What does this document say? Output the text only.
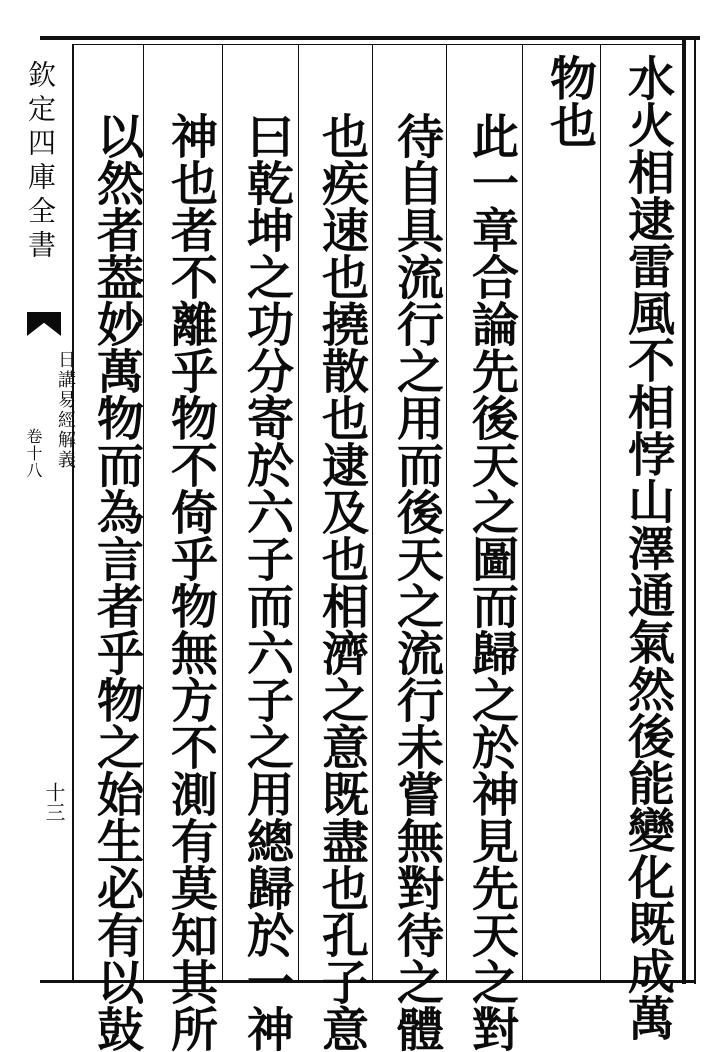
欽定四庫全書
日講易經解義
卷十八
十三	水火相逮雷風不相悖山澤通氣然後能變化既成萬
物也
此一章合論先後天之圖而歸之於神見先天之對
待自具流行之用而後天之流行未嘗無對待之體
也疾速也撓散也逮及也相濟之意既盡也孔子意
曰乾坤之功分寄於六子而六子之用總歸於一神
神也者不離乎物不倚乎物無方不測有莫知其所
以然者葢妙萬物而為言者乎物之始生必有以鼔
